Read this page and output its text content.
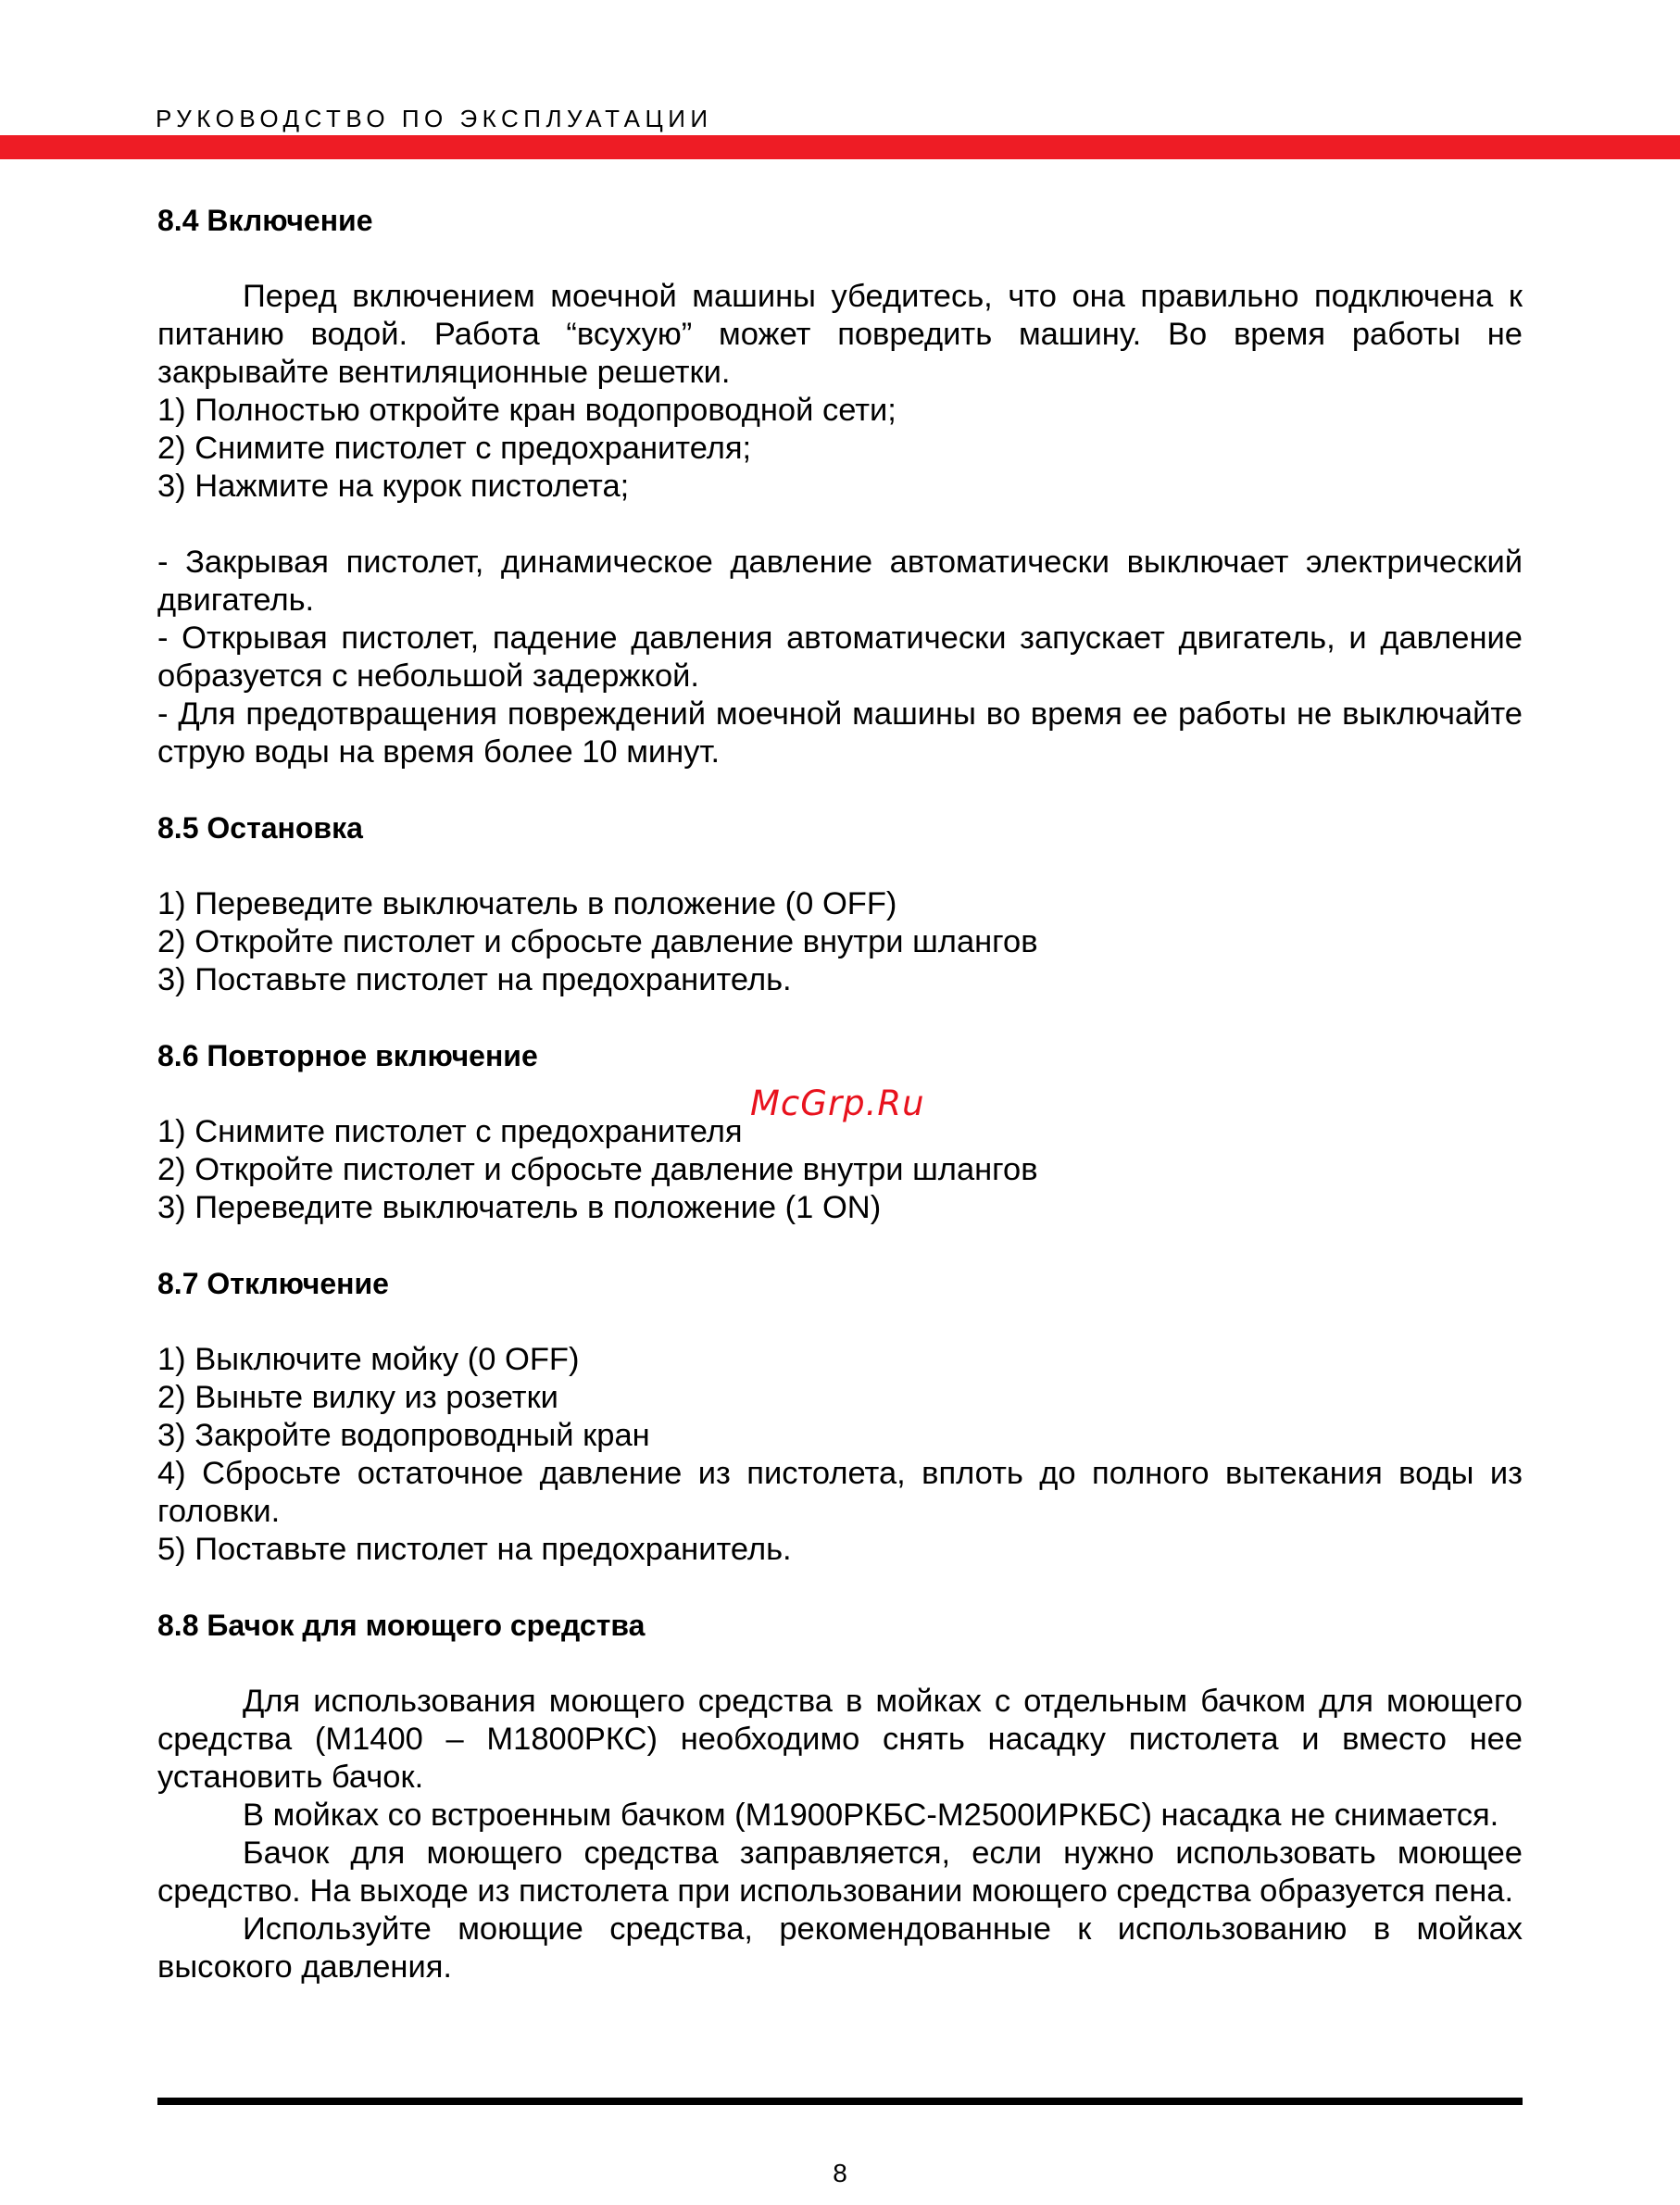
РУКОВОДСТВО ПО ЭКСПЛУАТАЦИИ

8.4 Включение

Перед включением моечной машины убедитесь, что она правильно подключена к питанию водой. Работа “всухую” может повредить машину. Во время работы не закрывайте вентиляционные решетки.

1) Полностью откройте кран водопроводной сети;

2) Снимите пистолет с предохранителя;

3) Нажмите на курок пистолета;

- Закрывая пистолет, динамическое давление автоматически выключает электрический двигатель.

- Открывая пистолет, падение давления автоматически запускает двигатель, и давление образуется с небольшой задержкой.

- Для предотвращения повреждений моечной машины во время ее работы не выключайте струю воды на время более 10 минут.

8.5 Остановка

1) Переведите выключатель в положение (0 OFF)

2) Откройте пистолет и сбросьте давление внутри шлангов

3) Поставьте пистолет на предохранитель.

8.6 Повторное включение

1) Снимите пистолет с предохранителя

2) Откройте пистолет и сбросьте давление внутри шлангов

3) Переведите выключатель в положение (1 ON)

8.7 Отключение

1) Выключите мойку (0 OFF)

2) Выньте вилку из розетки

3) Закройте водопроводный кран

4) Сбросьте остаточное давление из пистолета, вплоть до полного вытекания воды из головки.

5) Поставьте пистолет на предохранитель.

8.8 Бачок для моющего средства

Для использования моющего средства в мойках с отдельным бачком для моющего средства (М1400 – М1800РКС) необходимо снять насадку пистолета и вместо нее установить бачок.

В мойках со встроенным бачком (М1900РКБС-М2500ИРКБС) насадка не снимается.

Бачок для моющего средства заправляется, если нужно использовать моющее средство. На выходе из пистолета при использовании моющего средства образуется пена.

Используйте моющие средства, рекомендованные к использованию в мойках высокого давления.

McGrp.Ru
8
